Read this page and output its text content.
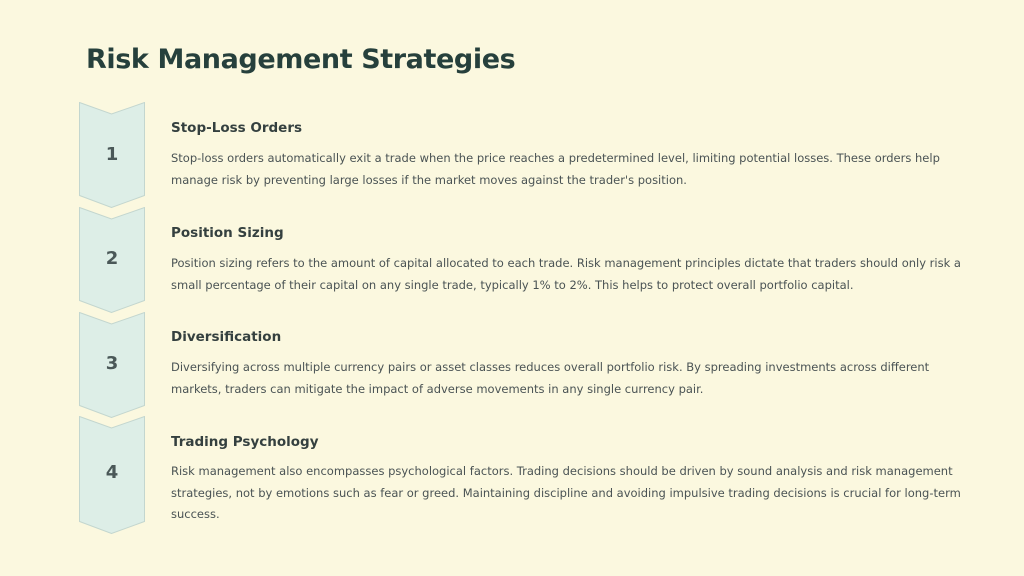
Risk Management Strategies
1
Stop-Loss Orders

Stop-loss orders automatically exit a trade when the price reaches a predetermined level, limiting potential losses. These orders help manage risk by preventing large losses if the market moves against the trader's position.

2
Position Sizing

Position sizing refers to the amount of capital allocated to each trade. Risk management principles dictate that traders should only risk a small percentage of their capital on any single trade, typically 1% to 2%. This helps to protect overall portfolio capital.

3
Diversification

Diversifying across multiple currency pairs or asset classes reduces overall portfolio risk. By spreading investments across different markets, traders can mitigate the impact of adverse movements in any single currency pair.

4
Trading Psychology

Risk management also encompasses psychological factors. Trading decisions should be driven by sound analysis and risk management strategies, not by emotions such as fear or greed. Maintaining discipline and avoiding impulsive trading decisions is crucial for long-term success.
